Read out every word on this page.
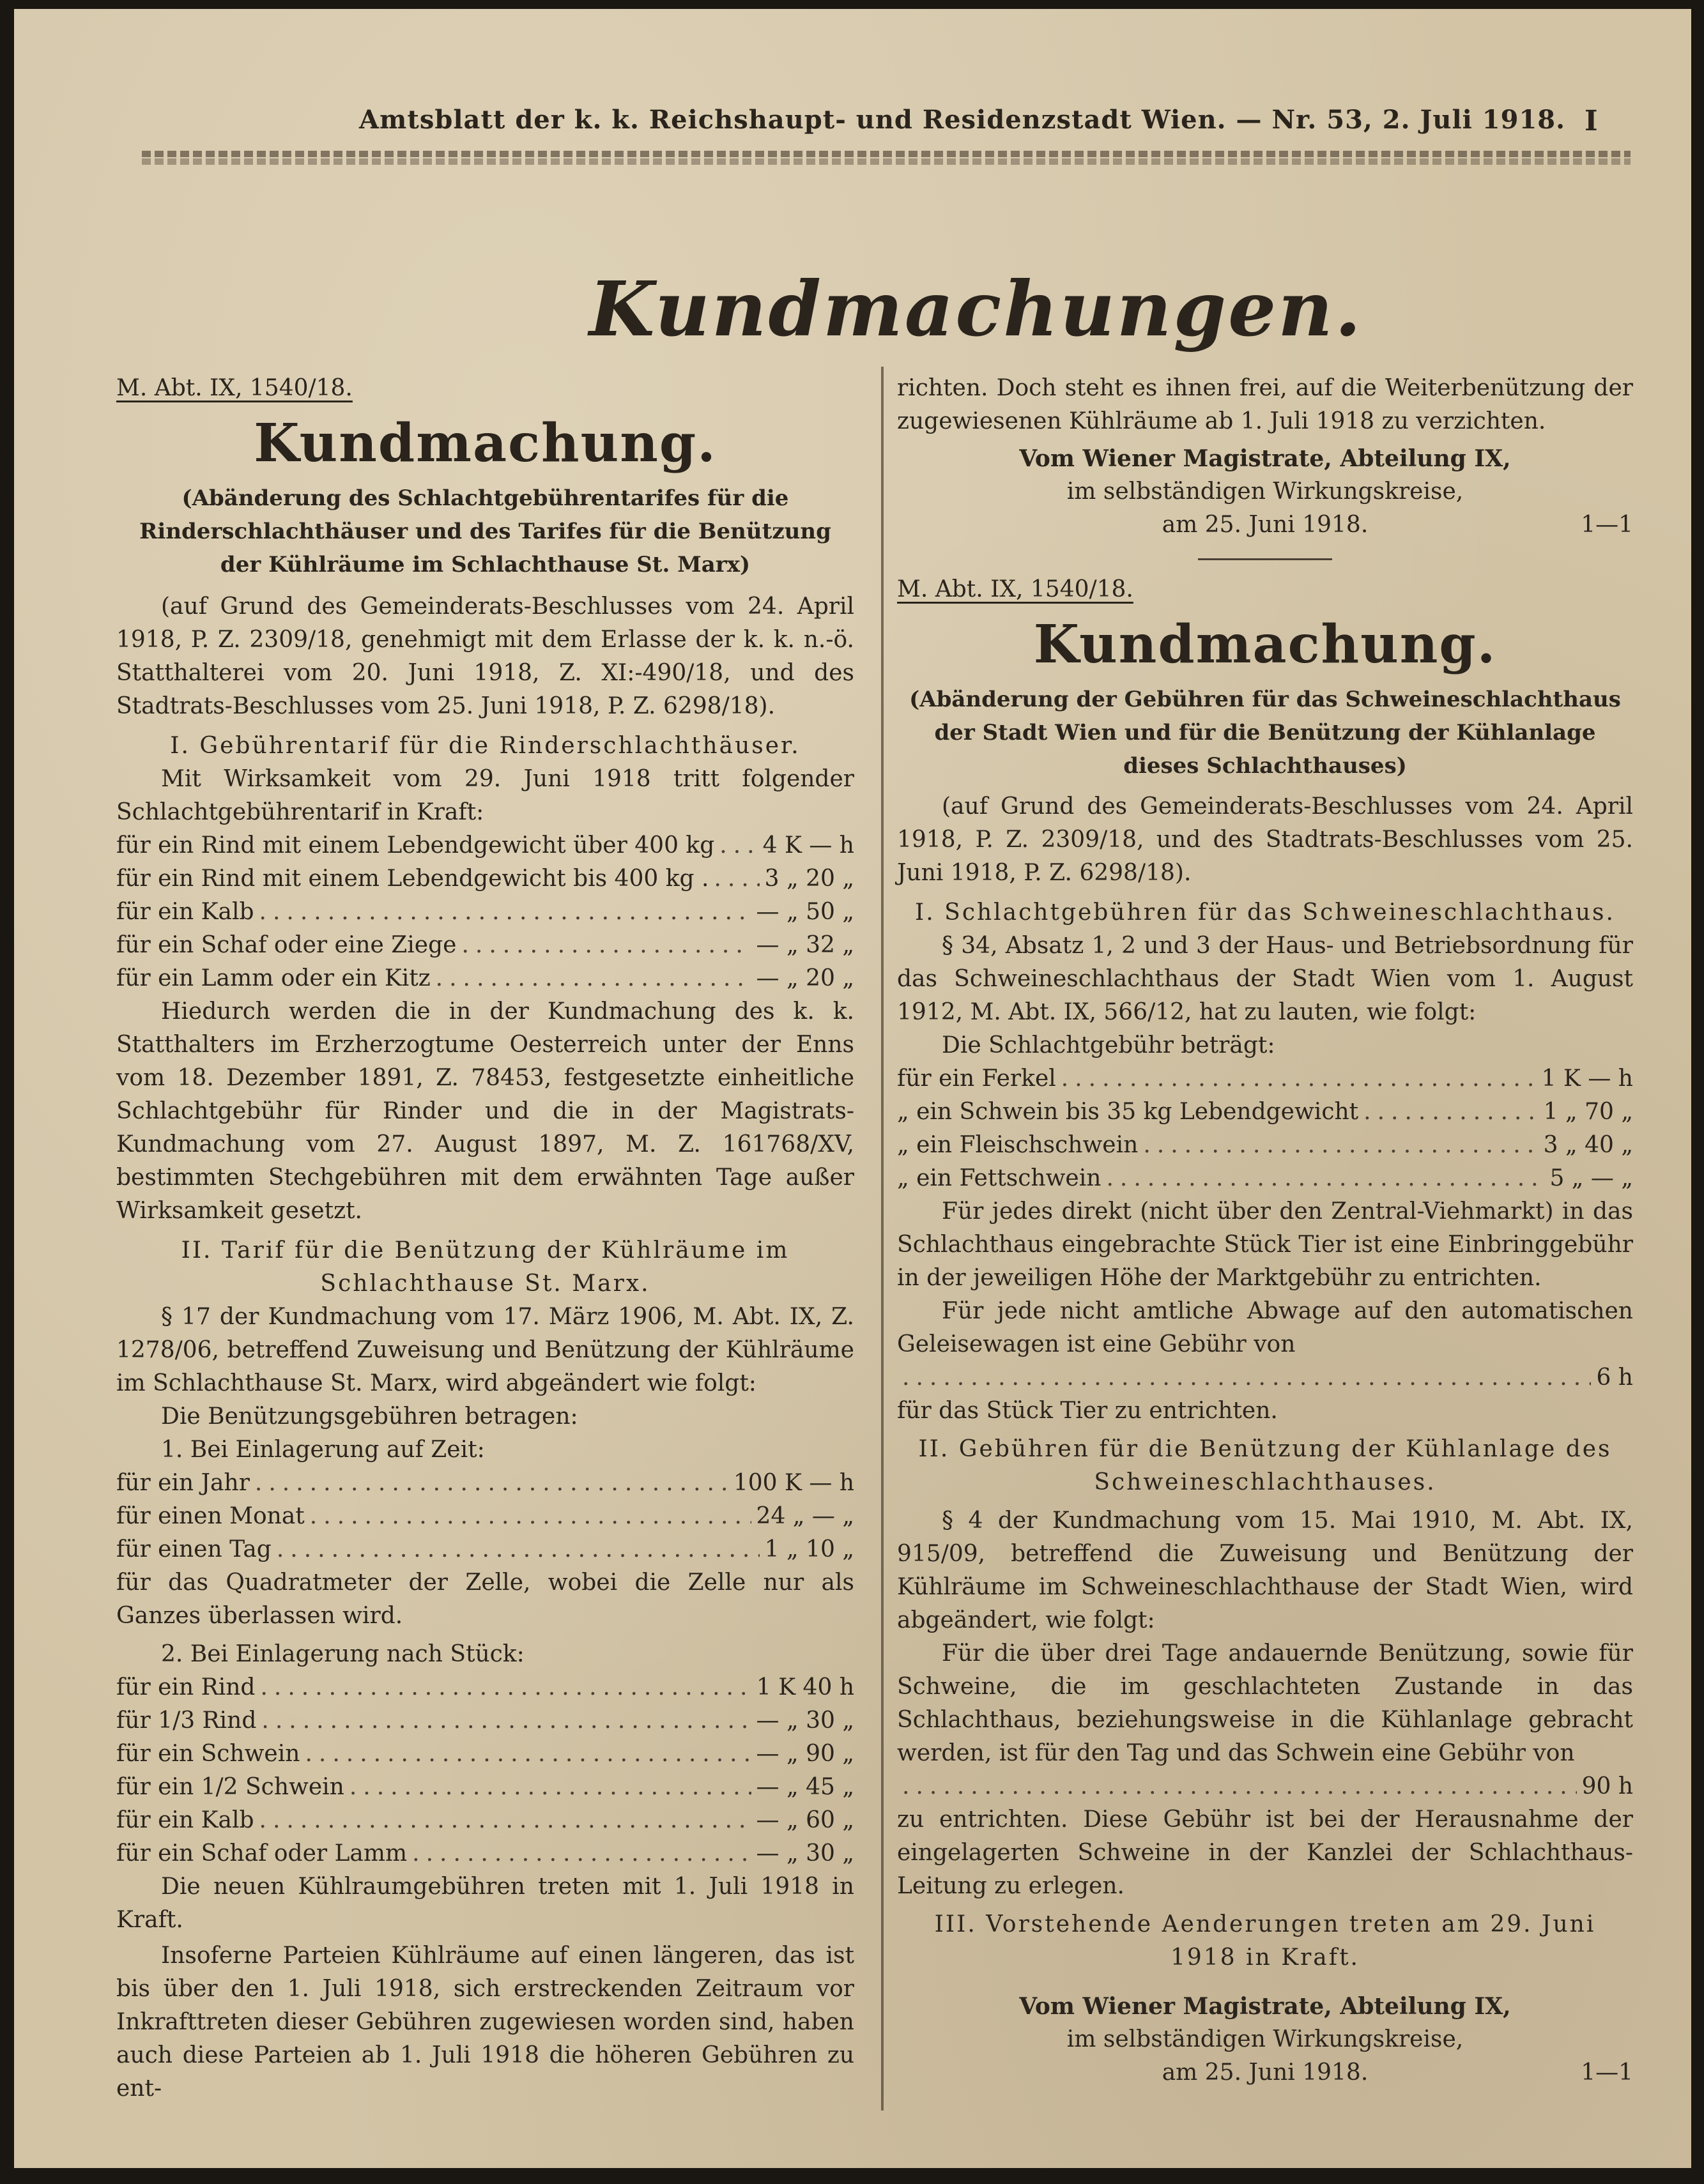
Amtsblatt der k. k. Reichshaupt- und Residenzstadt Wien. — Nr. 53, 2. Juli 1918. I
Kundmachungen.

M. Abt. IX, 1540/18.

Kundmachung.

(Abänderung des Schlachtgebührentarifes für die Rinderschlachthäuser und des Tarifes für die Benützung der Kühlräume im Schlachthause St. Marx)

(auf Grund des Gemeinderats-Beschlusses vom 24. April 1918, P. Z. 2309/18, genehmigt mit dem Erlasse der k. k. n.-ö. Statthalterei vom 20. Juni 1918, Z. XI:-490/18, und des Stadtrats-Beschlusses vom 25. Juni 1918, P. Z. 6298/18).

I. Gebührentarif für die Rinderschlachthäuser.

Mit Wirksamkeit vom 29. Juni 1918 tritt folgender Schlachtgebührentarif in Kraft:

für ein Rind mit einem Lebendgewicht über 400 kg ..... 4 K — h
für ein Rind mit einem Lebendgewicht bis 400 kg . ..... 3 „ 20 „
für ein Kalb .....	— „ 50 „
für ein Schaf oder eine Ziege .....	— „ 32 „
für ein Lamm oder ein Kitz .....	— „ 20 „

Hiedurch werden die in der Kundmachung des k. k. Statthalters im Erzherzogtume Oesterreich unter der Enns vom 18. Dezember 1891, Z. 78453, festgesetzte einheitliche Schlachtgebühr für Rinder und die in der Magistrats-Kundmachung vom 27. August 1897, M. Z. 161768/XV, bestimmten Stechgebühren mit dem erwähnten Tage außer Wirksamkeit gesetzt.

II. Tarif für die Benützung der Kühlräume im

Schlachthause St. Marx.

§ 17 der Kundmachung vom 17. März 1906, M. Abt. IX, Z. 1278/06, betreffend Zuweisung und Benützung der Kühlräume im Schlachthause St. Marx, wird abgeändert wie folgt:

Die Benützungsgebühren betragen:

1. Bei Einlagerung auf Zeit:

für ein Jahr .....	100 K — h
für einen Monat .....	24 „ — „
für einen Tag .....	1 „ 10 „

für das Quadratmeter der Zelle, wobei die Zelle nur als Ganzes überlassen wird.

2. Bei Einlagerung nach Stück:

für ein Rind .....	1 K 40 h
für 1/3 Rind .....	— „ 30 „
für ein Schwein .....	— „ 90 „
für ein 1/2 Schwein .....	— „ 45 „
für ein Kalb .....	— „ 60 „
für ein Schaf oder Lamm .....	— „ 30 „

Die neuen Kühlraumgebühren treten mit 1. Juli 1918 in Kraft.

Insoferne Parteien Kühlräume auf einen längeren, das ist bis über den 1. Juli 1918, sich erstreckenden Zeitraum vor Inkrafttreten dieser Gebühren zugewiesen worden sind, haben auch diese Parteien ab 1. Juli 1918 die höheren Gebühren zu ent-

richten. Doch steht es ihnen frei, auf die Weiterbenützung der zugewiesenen Kühlräume ab 1. Juli 1918 zu verzichten.

Vom Wiener Magistrate, Abteilung IX,

im selbständigen Wirkungskreise,

am 25. Juni 1918.	1—1

M. Abt. IX, 1540/18.

Kundmachung.

(Abänderung der Gebühren für das Schweineschlachthaus der Stadt Wien und für die Benützung der Kühlanlage dieses Schlachthauses)

(auf Grund des Gemeinderats-Beschlusses vom 24. April 1918, P. Z. 2309/18, und des Stadtrats-Beschlusses vom 25. Juni 1918, P. Z. 6298/18).

I. Schlachtgebühren für das Schweineschlachthaus.

§ 34, Absatz 1, 2 und 3 der Haus- und Betriebsordnung für das Schweineschlachthaus der Stadt Wien vom 1. August 1912, M. Abt. IX, 566/12, hat zu lauten, wie folgt:

Die Schlachtgebühr beträgt:

für ein Ferkel .....	1 K — h
„ ein Schwein bis 35 kg Lebendgewicht .....	1 „ 70 „
„ ein Fleischschwein .....	3 „ 40 „
„ ein Fettschwein .....	5 „ — „

Für jedes direkt (nicht über den Zentral-Viehmarkt) in das Schlachthaus eingebrachte Stück Tier ist eine Einbringgebühr in der jeweiligen Höhe der Marktgebühr zu entrichten.

Für jede nicht amtliche Abwage auf den automatischen Geleisewagen ist eine Gebühr von

.....
6 h

für das Stück Tier zu entrichten.

II. Gebühren für die Benützung der Kühlanlage des

Schweineschlachthauses.

§ 4 der Kundmachung vom 15. Mai 1910, M. Abt. IX, 915/09, betreffend die Zuweisung und Benützung der Kühlräume im Schweineschlachthause der Stadt Wien, wird abgeändert, wie folgt:

Für die über drei Tage andauernde Benützung, sowie für Schweine, die im geschlachteten Zustande in das Schlachthaus, beziehungsweise in die Kühlanlage gebracht werden, ist für den Tag und das Schwein eine Gebühr von

.....
90 h

zu entrichten. Diese Gebühr ist bei der Herausnahme der eingelagerten Schweine in der Kanzlei der Schlachthaus-Leitung zu erlegen.

III. Vorstehende Aenderungen treten am 29. Juni

1918 in Kraft.

Vom Wiener Magistrate, Abteilung IX,

im selbständigen Wirkungskreise,

am 25. Juni 1918.	1—1
